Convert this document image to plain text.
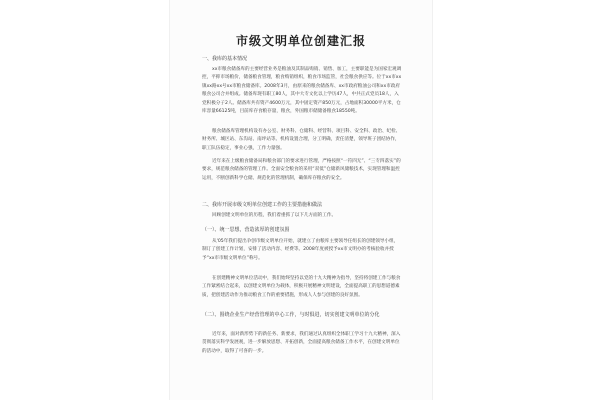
市级文明单位创建汇报
一、我库的基本情况
xx市粮食储备库的主要经营业务是粮油及其制品购销、销售、加工，主要职能是为国家宏观调控，平抑市场粮价，储备粮食管理，粮食购销组织，粮食市场监管，社会粮食供应等。位于xx市xx镇xx路xx号xx市粮食储备库。2008年3月，由原来的粮食储备库、xx市政府粮油公司和xx市政府粮食公司合并组成。储备库现有职工80人，其中大专文化以上学历47人，中共正式党员18人，入党积极分子2人。储备库共有资产4600万元，其中固定资产850万元，占地面积30000平方米，仓库容量66125吨，目前库存食粮存量，粮食，外国粮市储储备粮食18550吨。
粮食储备库管理机构设有办公室、财务科、仓储科、经营科、项目科、安全科、政治、纪检、财务所、城区站、东沟站、南坪站等。机构设置合理，分工明确，责任清楚，领导班子团结协作，职工队伍稳定，事业心强，工作力量强。
近年来在上级粮食储备局和粮食部门的要求进行管理，严格按照“一符四无”、“三专四落实”的要求，规范粮食储备的管理工作。全面安全粮食的采用“双低”仓储新风储粮技术，实现管理和温控运用，不断创新科学仓储、规范化的管理机制，确保库存粮食的安全。
二、我库开展市级文明单位创建工作的主要措施和做法
回顾创建文明单位的历程，我们着重抓了以下几方面的工作。
（一）、统一思想，营造浓厚的创建氛围
从'05年我们提出争创市级文明单位开始，就建立了由粮库主要领导任组长的创建领导小组，制订了创建工作计划，安排了活动内容、经费等。2008年度被授予xx市文明办的考核验收并授予“xx市市级文明单位”称号。
在创建精神文明单位活动中，我们始终坚持以党的十九大精神为指导，坚持将创建工作与粮食工作紧密结合起来，以创建文明单位为载体，积极开展精神文明建设，全面提高职工的思想道德素质，把创建活动作为推动粮食工作的重要措施，形成人人参与创建的良好氛围。
（二）、围绕企业生产经营管理的中心工作，与时俱进，切实创建文明单位的分化
近年来，面对新形势下的新任务、新要求，我们通过认真组织全体职工学习十九大精神，深入贯彻落实科学发展观，进一步解放思想、开拓创新，全面提高粮食储备工作水平，在创建文明单位的活动中，取得了可喜的一步。
